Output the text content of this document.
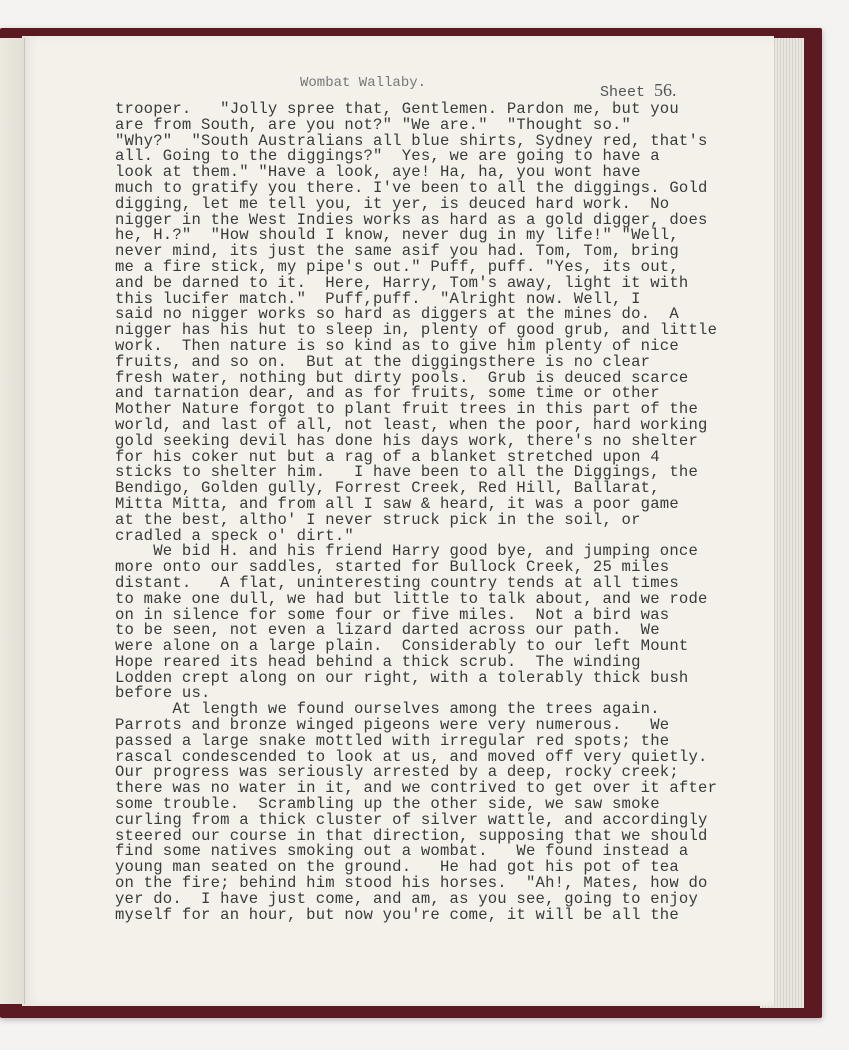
Wombat Wallaby.
Sheet 56.
trooper.   "Jolly spree that, Gentlemen. Pardon me, but you
are from South, are you not?" "We are."  "Thought so."
"Why?"  "South Australians all blue shirts, Sydney red, that's
all. Going to the diggings?"  Yes, we are going to have a
look at them." "Have a look, aye! Ha, ha, you wont have
much to gratify you there. I've been to all the diggings. Gold
digging, let me tell you, it yer, is deuced hard work.  No
nigger in the West Indies works as hard as a gold digger, does
he, H.?"  "How should I know, never dug in my life!" "Well,
never mind, its just the same asif you had. Tom, Tom, bring
me a fire stick, my pipe's out." Puff, puff. "Yes, its out,
and be darned to it.  Here, Harry, Tom's away, light it with
this lucifer match."  Puff,puff.  "Alright now. Well, I
said no nigger works so hard as diggers at the mines do.  A
nigger has his hut to sleep in, plenty of good grub, and little
work.  Then nature is so kind as to give him plenty of nice
fruits, and so on.  But at the diggingsthere is no clear
fresh water, nothing but dirty pools.  Grub is deuced scarce
and tarnation dear, and as for fruits, some time or other
Mother Nature forgot to plant fruit trees in this part of the
world, and last of all, not least, when the poor, hard working
gold seeking devil has done his days work, there's no shelter
for his coker nut but a rag of a blanket stretched upon 4
sticks to shelter him.   I have been to all the Diggings, the
Bendigo, Golden gully, Forrest Creek, Red Hill, Ballarat,
Mitta Mitta, and from all I saw & heard, it was a poor game
at the best, altho' I never struck pick in the soil, or
cradled a speck o' dirt."
We bid H. and his friend Harry good bye, and jumping once
more onto our saddles, started for Bullock Creek, 25 miles
distant.   A flat, uninteresting country tends at all times
to make one dull, we had but little to talk about, and we rode
on in silence for some four or five miles.  Not a bird was
to be seen, not even a lizard darted across our path.  We
were alone on a large plain.  Considerably to our left Mount
Hope reared its head behind a thick scrub.  The winding
Lodden crept along on our right, with a tolerably thick bush
before us.
At length we found ourselves among the trees again.
Parrots and bronze winged pigeons were very numerous.   We
passed a large snake mottled with irregular red spots; the
rascal condescended to look at us, and moved off very quietly.
Our progress was seriously arrested by a deep, rocky creek;
there was no water in it, and we contrived to get over it after
some trouble.  Scrambling up the other side, we saw smoke
curling from a thick cluster of silver wattle, and accordingly
steered our course in that direction, supposing that we should
find some natives smoking out a wombat.   We found instead a
young man seated on the ground.   He had got his pot of tea
on the fire; behind him stood his horses.  "Ah!, Mates, how do
yer do.  I have just come, and am, as you see, going to enjoy
myself for an hour, but now you're come, it will be all the
